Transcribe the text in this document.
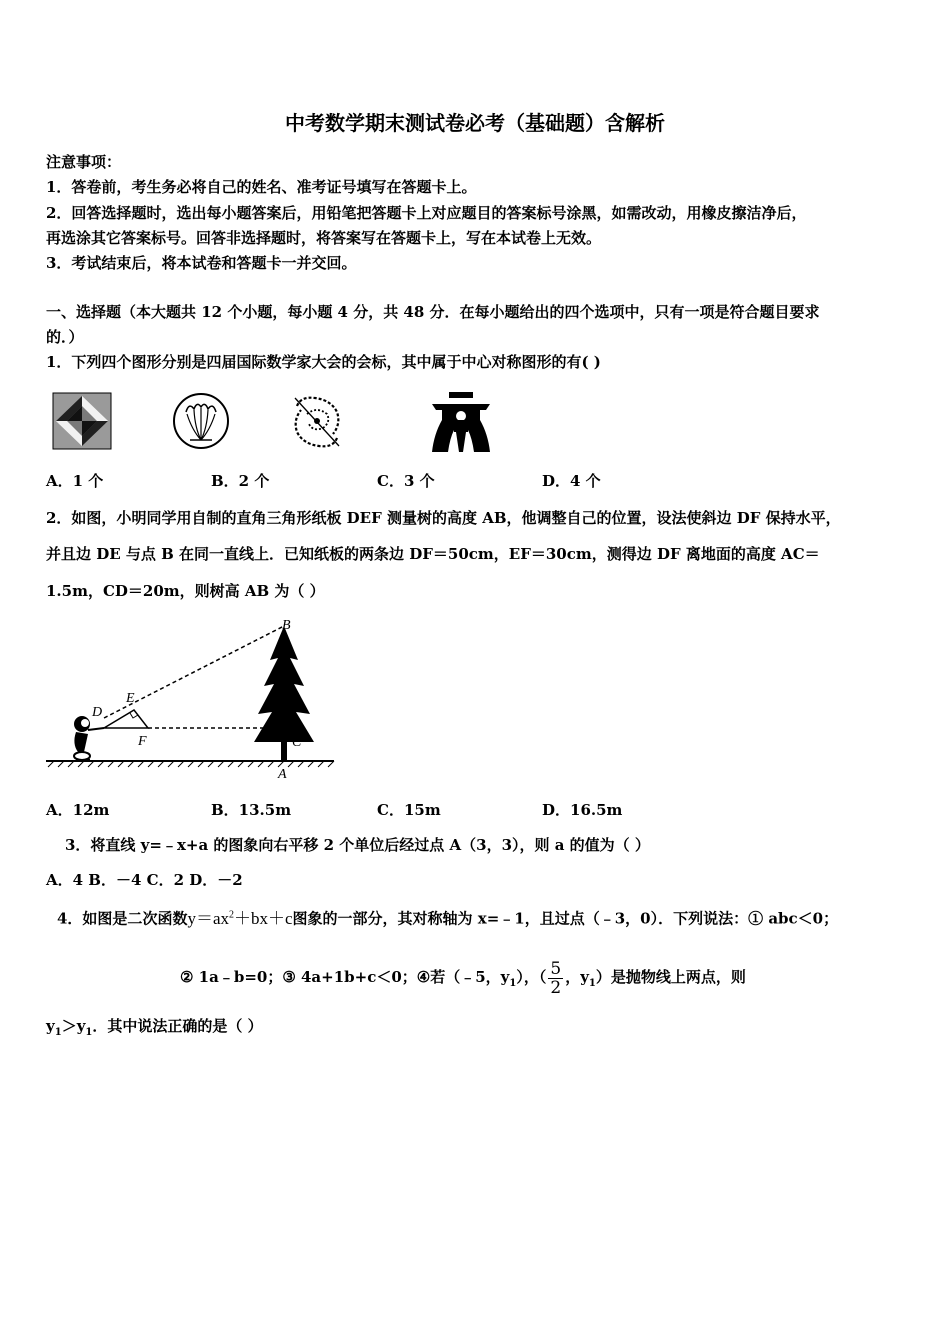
中考数学期末测试卷必考（基础题）含解析
注意事项：
1．答卷前，考生务必将自己的姓名、准考证号填写在答题卡上。
2．回答选择题时，选出每小题答案后，用铅笔把答题卡上对应题目的答案标号涂黑，如需改动，用橡皮擦洁净后，
再选涂其它答案标号。回答非选择题时，将答案写在答题卡上，写在本试卷上无效。
3．考试结束后，将本试卷和答题卡一并交回。
一、选择题（本大题共 12 个小题，每小题 4 分，共 48 分．在每小题给出的四个选项中，只有一项是符合题目要求
的．）
1．下列四个图形分别是四届国际数学家大会的会标，其中属于中心对称图形的有( )
A．1 个	B．2 个	C．3 个	D．4 个
2．如图，小明同学用自制的直角三角形纸板 DEF 测量树的高度 AB，他调整自己的位置，设法使斜边 DF 保持水平，
并且边 DE 与点 B 在同一直线上．已知纸板的两条边 DF＝50cm，EF＝30cm，测得边 DF 离地面的高度 AC＝
1.5m，CD＝20m，则树高 AB 为（ ）
B
E
D
F	C
A
A．12m	B．13.5m	C．15m	D．16.5m
3．将直线 y=﹣x+a 的图象向右平移 2 个单位后经过点 A（3，3），则 a 的值为（ ）
A．4 B．－4 C．2 D．－2
4．如图是二次函数$y=ax^2+bx+c$图象的一部分，其对称轴为 x=﹣1，且过点（﹣3，0）．下列说法：① abc＜0；
② 1a﹣b=0；③ 4a+1b+c＜0；④若（﹣5，$y_1$），（ $\frac{5}{2}$ ，$y_1$）是抛物线上两点，则
$y_1>y_1$．其中说法正确的是（ ）
